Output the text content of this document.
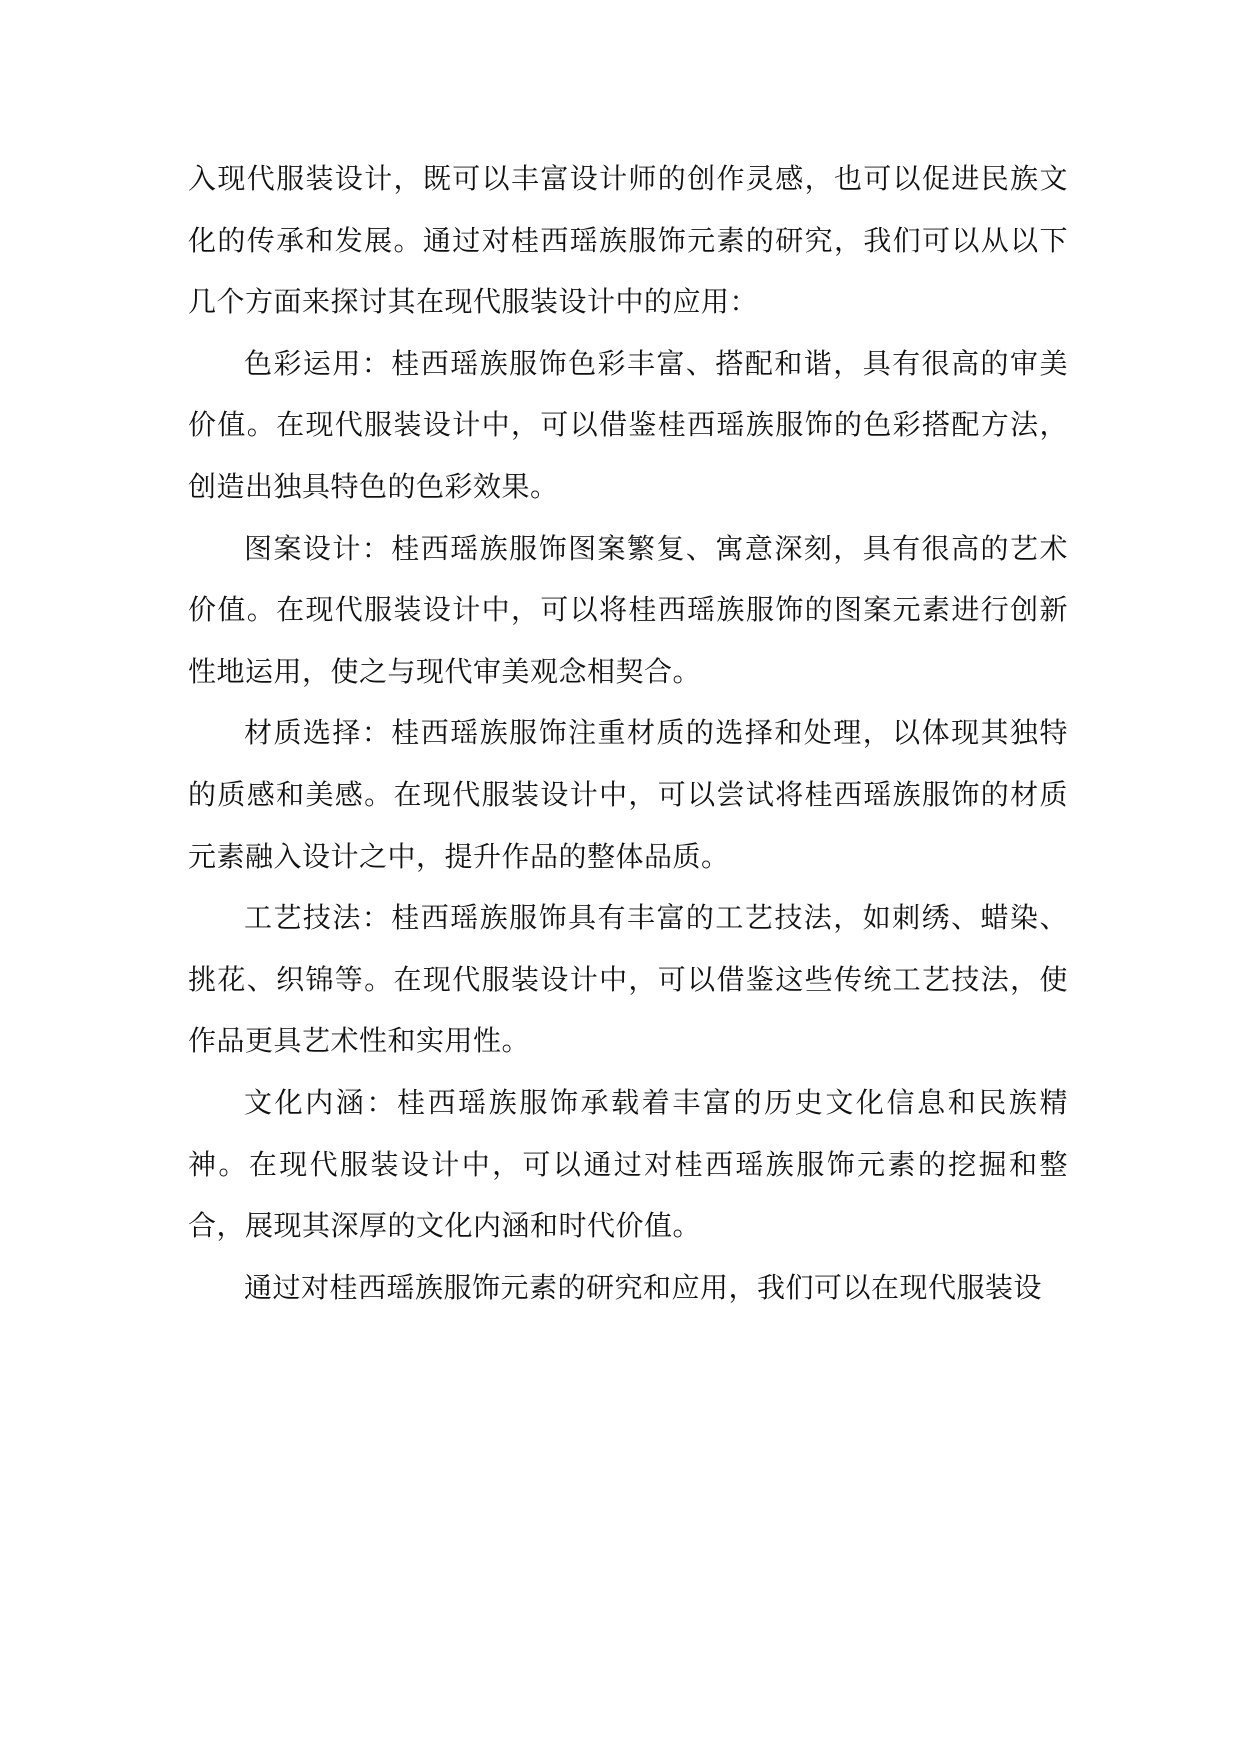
入现代服装设计，既可以丰富设计师的创作灵感，也可以促进民族文化的传承和发展。通过对桂西瑶族服饰元素的研究，我们可以从以下几个方面来探讨其在现代服装设计中的应用：

色彩运用：桂西瑶族服饰色彩丰富、搭配和谐，具有很高的审美价值。在现代服装设计中，可以借鉴桂西瑶族服饰的色彩搭配方法，创造出独具特色的色彩效果。

图案设计：桂西瑶族服饰图案繁复、寓意深刻，具有很高的艺术价值。在现代服装设计中，可以将桂西瑶族服饰的图案元素进行创新性地运用，使之与现代审美观念相契合。

材质选择：桂西瑶族服饰注重材质的选择和处理，以体现其独特的质感和美感。在现代服装设计中，可以尝试将桂西瑶族服饰的材质元素融入设计之中，提升作品的整体品质。

工艺技法：桂西瑶族服饰具有丰富的工艺技法，如刺绣、蜡染、挑花、织锦等。在现代服装设计中，可以借鉴这些传统工艺技法，使作品更具艺术性和实用性。

文化内涵：桂西瑶族服饰承载着丰富的历史文化信息和民族精神。在现代服装设计中，可以通过对桂西瑶族服饰元素的挖掘和整合，展现其深厚的文化内涵和时代价值。

通过对桂西瑶族服饰元素的研究和应用，我们可以在现代服装设
